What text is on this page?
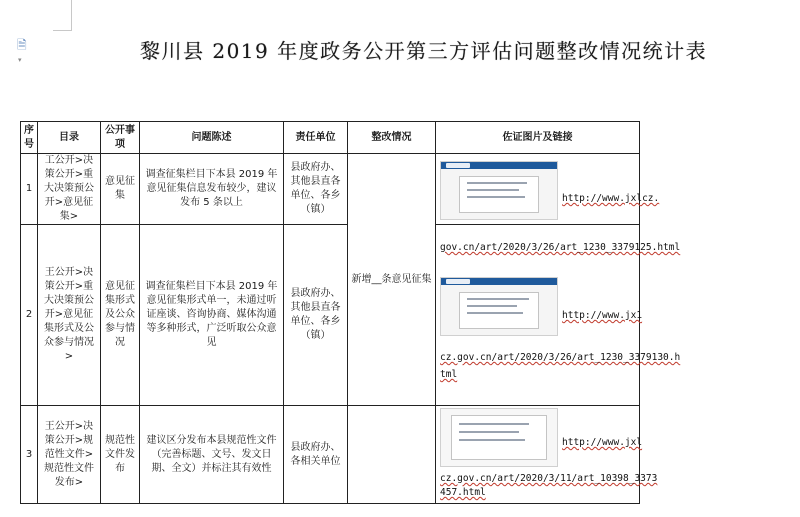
🗎▾	黎川县 2019 年度政务公开第三方评估问题整改情况统计表
序号	目录	公开事项	问题陈述	责任单位	整改情况	佐证图片及链接
1	工公开>决策公开>重大决策预公开>意见征集>	意见征集	调查征集栏目下本县 2019 年意见征集信息发布较少，建议发布 5 条以上	县政府办、其他县直各单位、各乡（镇）	新增__条意见征集	http://www.jxlcz.

2	王公开>决策公开>重大决策预公开>意见征集形式及公众参与情况>	意见征集形式及公众参与情况	调查征集栏目下本县 2019 年意见征集形式单一，未通过听证座谈、咨询协商、媒体沟通等多种形式，广泛听取公众意见	县政府办、其他县直各单位、各乡（镇）		gov.cn/art/2020/3/26/art_1230_3379125.html
http://www.jx1
cz.gov.cn/art/2020/3/26/art_1230_3379130.h
tml

3	王公开>决策公开>规范性文件>规范性文件发布>	规范性文件发布	建议区分发布本县规范性文件（完善标题、文号、发文日期、全文）并标注其有效性	县政府办、各相关单位		http://www.jxl
cz.gov.cn/art/2020/3/11/art_10398_3373
457.html
